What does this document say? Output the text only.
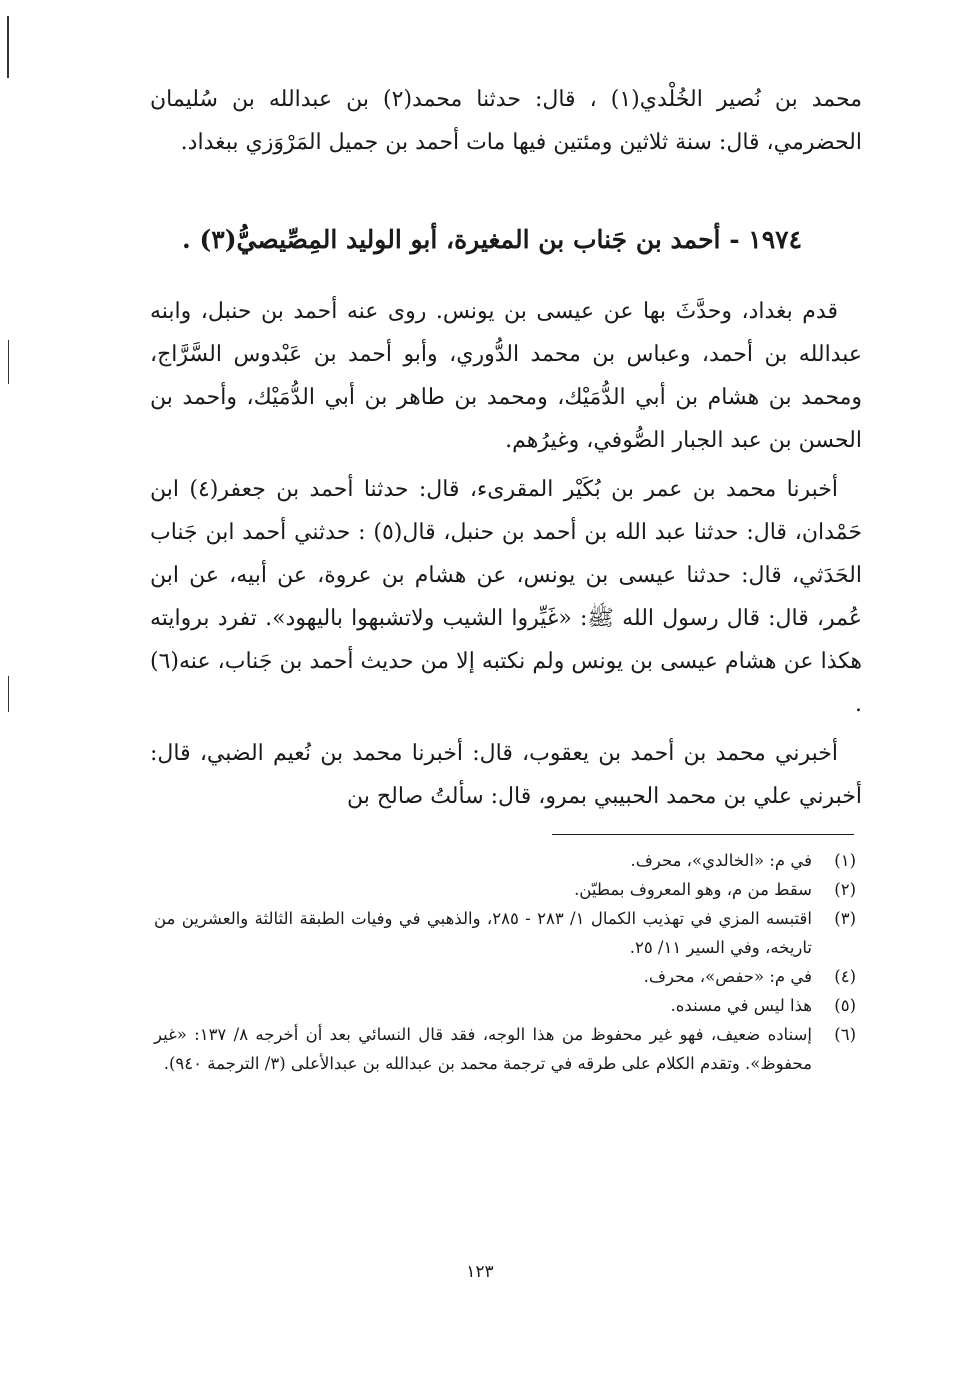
محمد بن نُصير الخُلْدي(١) ، قال: حدثنا محمد(٢) بن عبدالله بن سُليمان الحضرمي، قال: سنة ثلاثين ومئتين فيها مات أحمد بن جميل المَرْوَزي ببغداد.

١٩٧٤ - أحمد بن جَناب بن المغيرة، أبو الوليد المِصِّيصيُّ(٣) .

قدم بغداد، وحدَّثَ بها عن عيسى بن يونس. روى عنه أحمد بن حنبل، وابنه عبدالله بن أحمد، وعباس بن محمد الدُّوري، وأبو أحمد بن عَبْدوس السَّرَّاج، ومحمد بن هشام بن أبي الدُّمَيْك، ومحمد بن طاهر بن أبي الدُّمَيْك، وأحمد بن الحسن بن عبد الجبار الصُّوفي، وغيرُهم.

أخبرنا محمد بن عمر بن بُكَيْر المقرىء، قال: حدثنا أحمد بن جعفر(٤) ابن حَمْدان، قال: حدثنا عبد الله بن أحمد بن حنبل، قال(٥) : حدثني أحمد ابن جَناب الحَدَثي، قال: حدثنا عيسى بن يونس، عن هشام بن عروة، عن أبيه، عن ابن عُمر، قال: قال رسول الله ﷺ: «غَيِّروا الشيب ولاتشبهوا باليهود». تفرد بروايته هكذا عن هشام عيسى بن يونس ولم نكتبه إلا من حديث أحمد بن جَناب، عنه(٦) .

أخبرني محمد بن أحمد بن يعقوب، قال: أخبرنا محمد بن نُعيم الضبي، قال: أخبرني علي بن محمد الحبيبي بمرو، قال: سألتُ صالح بن

(١)
في م: «الخالدي»، محرف.
(٢)
سقط من م، وهو المعروف بمطيّن.
(٣)
اقتبسه المزي في تهذيب الكمال ١/ ٢٨٣ - ٢٨٥، والذهبي في وفيات الطبقة الثالثة والعشرين من تاريخه، وفي السير ١١/ ٢٥.
(٤)
في م: «حفص»، محرف.
(٥)
هذا ليس في مسنده.
(٦)
إسناده ضعيف، فهو غير محفوظ من هذا الوجه، فقد قال النسائي بعد أن أخرجه ٨/ ١٣٧: «غير محفوظ». وتقدم الكلام على طرقه في ترجمة محمد بن عبدالله بن عبدالأعلى (٣/ الترجمة ٩٤٠).
١٢٣
